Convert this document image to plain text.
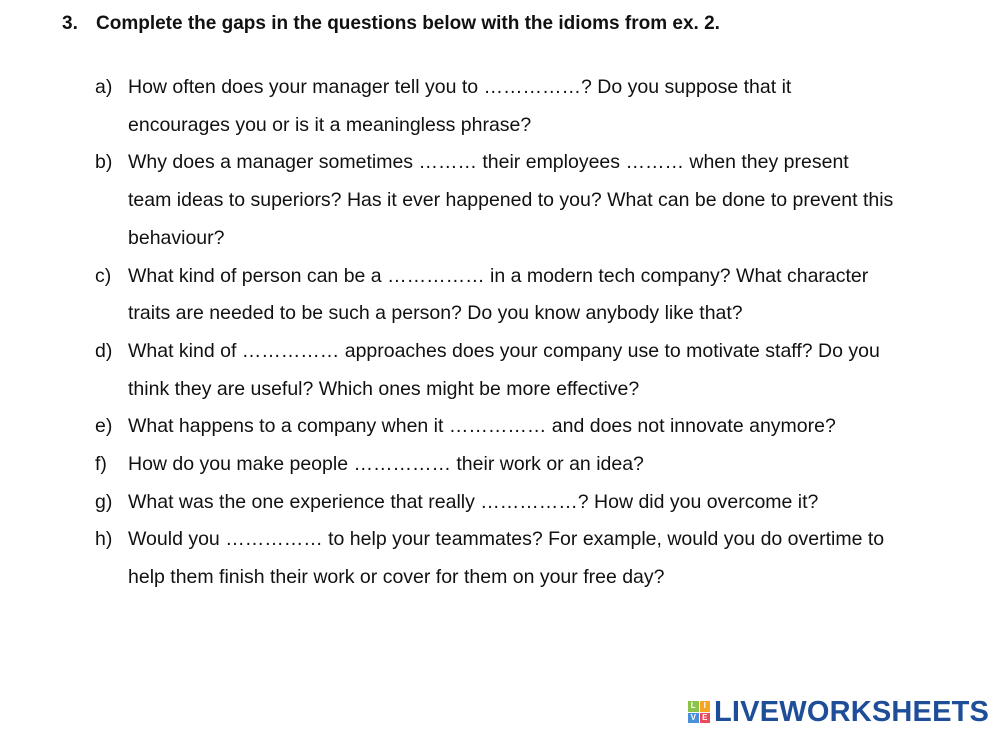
3. Complete the gaps in the questions below with the idioms from ex. 2.
a) How often does your manager tell you to ……………? Do you suppose that it encourages you or is it a meaningless phrase?
b) Why does a manager sometimes ……… their employees ……… when they present team ideas to superiors? Has it ever happened to you? What can be done to prevent this behaviour?
c) What kind of person can be a …………… in a modern tech company? What character traits are needed to be such a person? Do you know anybody like that?
d) What kind of …………… approaches does your company use to motivate staff? Do you think they are useful? Which ones might be more effective?
e) What happens to a company when it …………… and does not innovate anymore?
f)	How do you make people …………… their work or an idea?
g) What was the one experience that really ……………? How did you overcome it?
h) Would you …………… to help your teammates? For example, would you do overtime to help them finish their work or cover for them on your free day?
L I
V E LIVEWORKSHEETS
